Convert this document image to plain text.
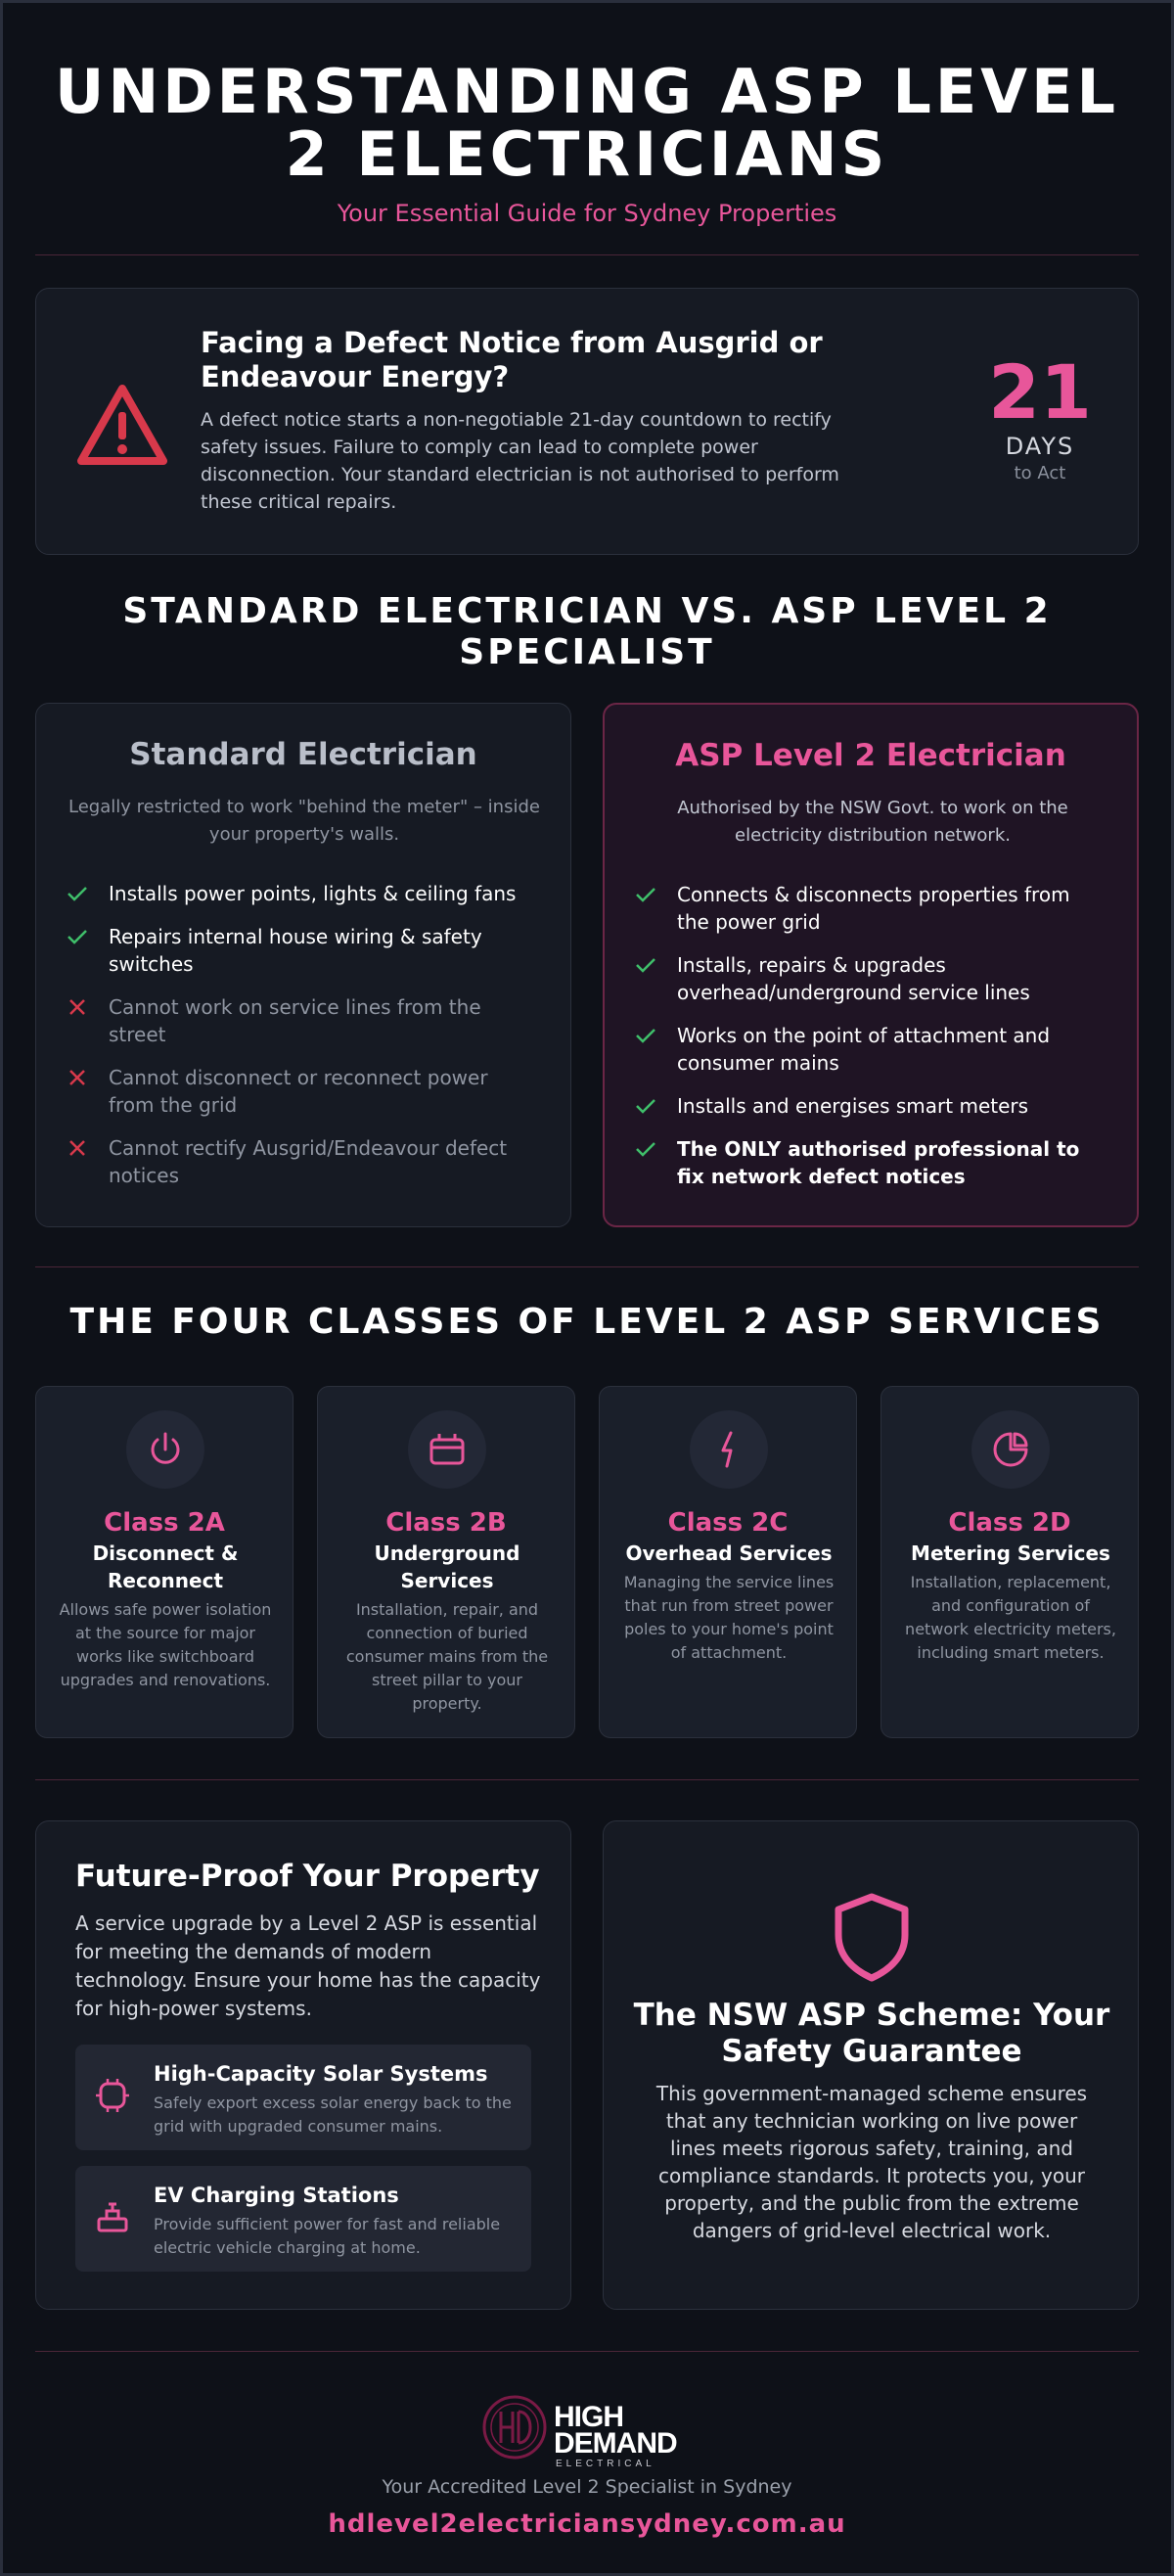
UNDERSTANDING ASP LEVEL 2 ELECTRICIANS
Your Essential Guide for Sydney Properties
Facing a Defect Notice from Ausgrid or Endeavour Energy?

A defect notice starts a non-negotiable 21-day countdown to rectify safety issues. Failure to comply can lead to complete power disconnection. Your standard electrician is not authorised to perform these critical repairs.

21
DAYS
to Act
STANDARD ELECTRICIAN VS. ASP LEVEL 2 SPECIALIST
Standard Electrician
Legally restricted to work "behind the meter" – inside your property's walls.
Installs power points, lights & ceiling fans
Repairs internal house wiring & safety switches
Cannot work on service lines from the street
Cannot disconnect or reconnect power from the grid
Cannot rectify Ausgrid/Endeavour defect notices
ASP Level 2 Electrician
Authorised by the NSW Govt. to work on the electricity distribution network.
Connects & disconnects properties from the power grid
Installs, repairs & upgrades overhead/underground service lines
Works on the point of attachment and consumer mains
Installs and energises smart meters
The ONLY authorised professional to fix network defect notices
THE FOUR CLASSES OF LEVEL 2 ASP SERVICES
Class 2A
Disconnect & Reconnect
Allows safe power isolation at the source for major works like switchboard upgrades and renovations.
Class 2B
Underground Services
Installation, repair, and connection of buried consumer mains from the street pillar to your property.
Class 2C
Overhead Services
Managing the service lines that run from street power poles to your home's point of attachment.
Class 2D
Metering Services
Installation, replacement, and configuration of network electricity meters, including smart meters.
Future-Proof Your Property

A service upgrade by a Level 2 ASP is essential for meeting the demands of modern technology. Ensure your home has the capacity for high-power systems.

High-Capacity Solar Systems
Safely export excess solar energy back to the grid with upgraded consumer mains.
EV Charging Stations
Provide sufficient power for fast and reliable electric vehicle charging at home.
The NSW ASP Scheme: Your Safety Guarantee

This government-managed scheme ensures that any technician working on live power lines meets rigorous safety, training, and compliance standards. It protects you, your property, and the public from the extreme dangers of grid-level electrical work.

HIGH
DEMAND
ELECTRICAL
Your Accredited Level 2 Specialist in Sydney
hdlevel2electriciansydney.com.au
